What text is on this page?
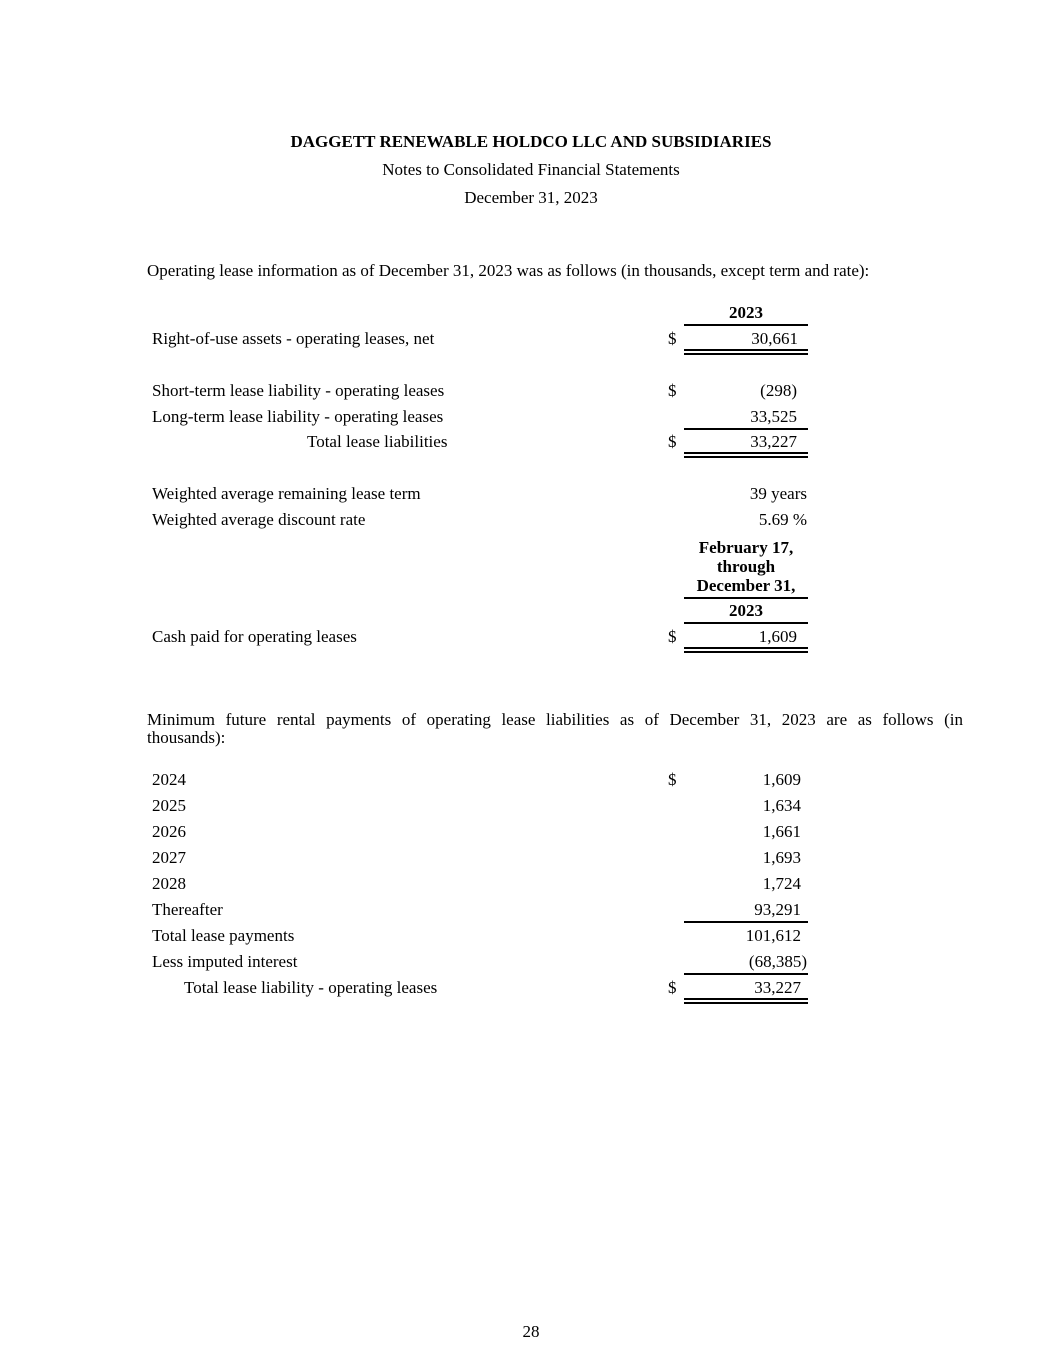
DAGGETT RENEWABLE HOLDCO LLC AND SUBSIDIARIES
Notes to Consolidated Financial Statements
December 31, 2023
Operating lease information as of December 31, 2023 was as follows (in thousands, except term and rate):
2023
Right-of-use assets - operating leases, net	$	30,661
Short-term lease liability - operating leases	$	(298)
Long-term lease liability - operating leases	33,525
Total lease liabilities	$	33,227
Weighted average remaining lease term	39 years
Weighted average discount rate	5.69 %
February 17,
through
December 31,
2023
Cash paid for operating leases	$	1,609
Minimum future rental payments of operating lease liabilities as of December 31, 2023 are as follows (in
thousands):
2024	$	1,609
2025	1,634
2026	1,661
2027	1,693
2028	1,724
Thereafter	93,291
Total lease payments	101,612
Less imputed interest	(68,385)
Total lease liability - operating leases	$	33,227
28
